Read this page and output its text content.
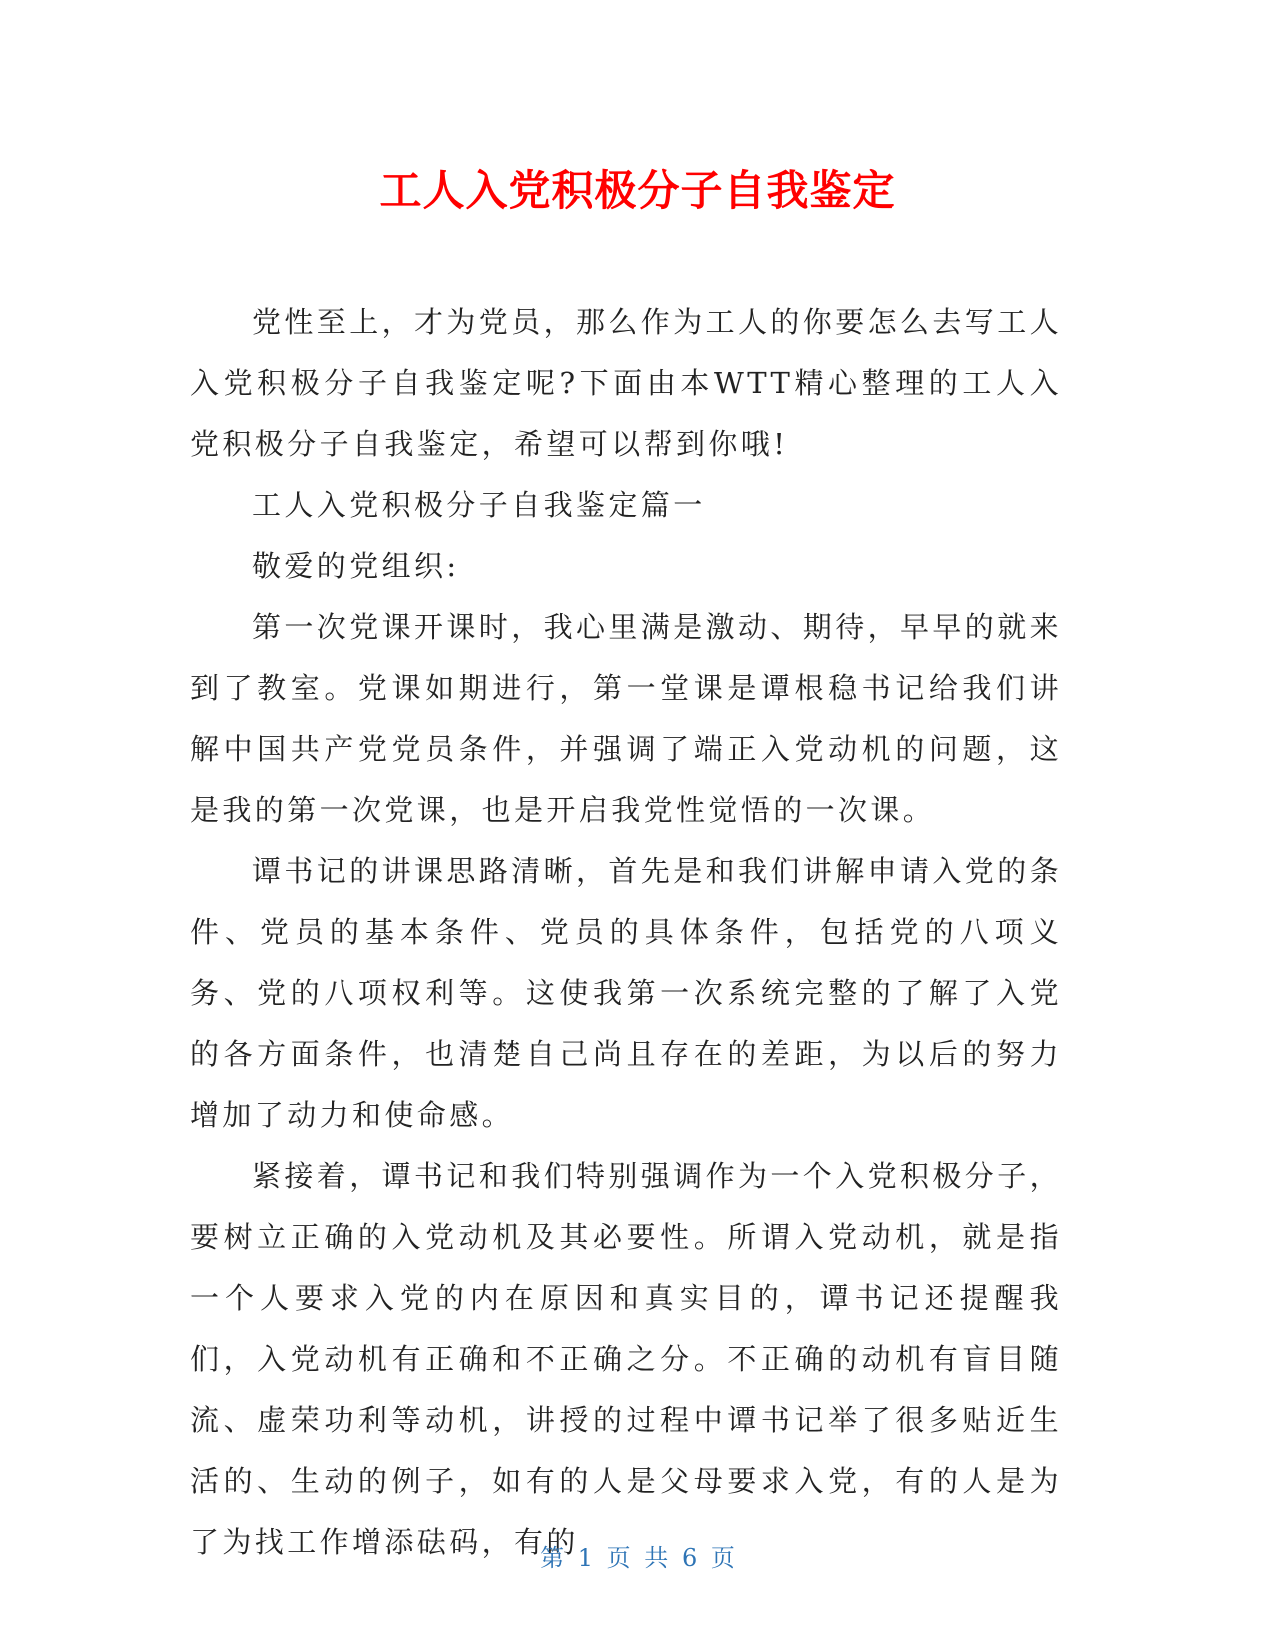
工人入党积极分子自我鉴定

党性至上，才为党员，那么作为工人的你要怎么去写工人入党积极分子自我鉴定呢?下面由本WTT精心整理的工人入党积极分子自我鉴定，希望可以帮到你哦!

工人入党积极分子自我鉴定篇一

敬爱的党组织:

第一次党课开课时，我心里满是激动、期待，早早的就来到了教室。党课如期进行，第一堂课是谭根稳书记给我们讲解中国共产党党员条件，并强调了端正入党动机的问题，这是我的第一次党课，也是开启我党性觉悟的一次课。

谭书记的讲课思路清晰，首先是和我们讲解申请入党的条件、党员的基本条件、党员的具体条件，包括党的八项义务、党的八项权利等。这使我第一次系统完整的了解了入党的各方面条件，也清楚自己尚且存在的差距，为以后的努力增加了动力和使命感。

紧接着，谭书记和我们特别强调作为一个入党积极分子，要树立正确的入党动机及其必要性。所谓入党动机，就是指一个人要求入党的内在原因和真实目的，谭书记还提醒我们，入党动机有正确和不正确之分。不正确的动机有盲目随流、虚荣功利等动机，讲授的过程中谭书记举了很多贴近生活的、生动的例子，如有的人是父母要求入党，有的人是为了为找工作增添砝码，有的

第 1 页 共 6 页
